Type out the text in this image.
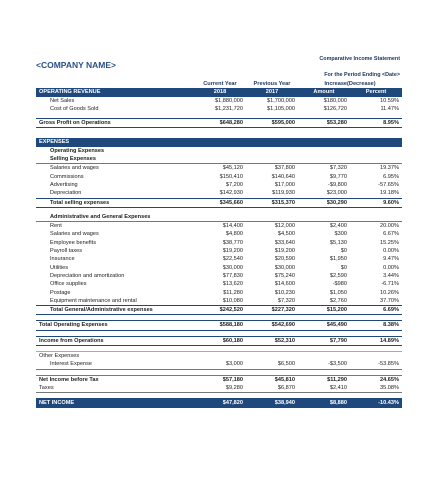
Comparative Income Statement
<COMPANY NAME>
For the Period Ending <Date>
	Current Year	Previous Year	Increase(Decrease)	
OPERATING REVENUE	2018	2017	Amount	Percent
Net Sales	$1,880,000	$1,700,000	$180,000	10.59%
Cost of Goods Sold	$1,231,720	$1,105,000	$126,720	11.47%

Gross Profit on Operations	$648,280	$595,000	$53,280	8.95%

EXPENSES				
Operating Expenses				
Selling Expenses				
Salaries and wages	$45,120	$37,800	$7,320	19.37%
Commissions	$150,410	$140,640	$9,770	6.95%
Advertising	$7,200	$17,000	-$9,800	-57.65%
Depreciation	$142,930	$119,930	$23,000	19.18%
Total selling expenses	$345,660	$315,370	$30,290	9.60%

Administrative and General Expenses				
Rent	$14,400	$12,000	$2,400	20.00%
Salaries and wages	$4,800	$4,500	$300	6.67%
Employee benefits	$38,770	$33,640	$5,130	15.25%
Payroll taxes	$19,200	$19,200	$0	0.00%
Insurance	$22,540	$20,590	$1,950	9.47%
Utilities	$30,000	$30,000	$0	0.00%
Depreciation and amortization	$77,830	$75,240	$2,590	3.44%
Office supplies	$13,620	$14,600	-$980	-6.71%
Postage	$11,280	$10,230	$1,050	10.26%
Equipment maintenance and rental	$10,080	$7,320	$2,760	37.70%
Total General/Administrative expenses	$242,520	$227,320	$15,200	6.69%

Total Operating Expenses	$588,180	$542,690	$45,490	8.38%

Income from Operations	$60,180	$52,310	$7,790	14.89%

Other Expenses				
Interest Expense	$3,000	$6,500	-$3,500	-53.85%

Net Income before Tax	$57,180	$45,810	$11,290	24.65%
Taxes	$9,280	$6,870	$2,410	35.08%

NET INCOME	$47,820	$38,940	$8,880	-10.43%
